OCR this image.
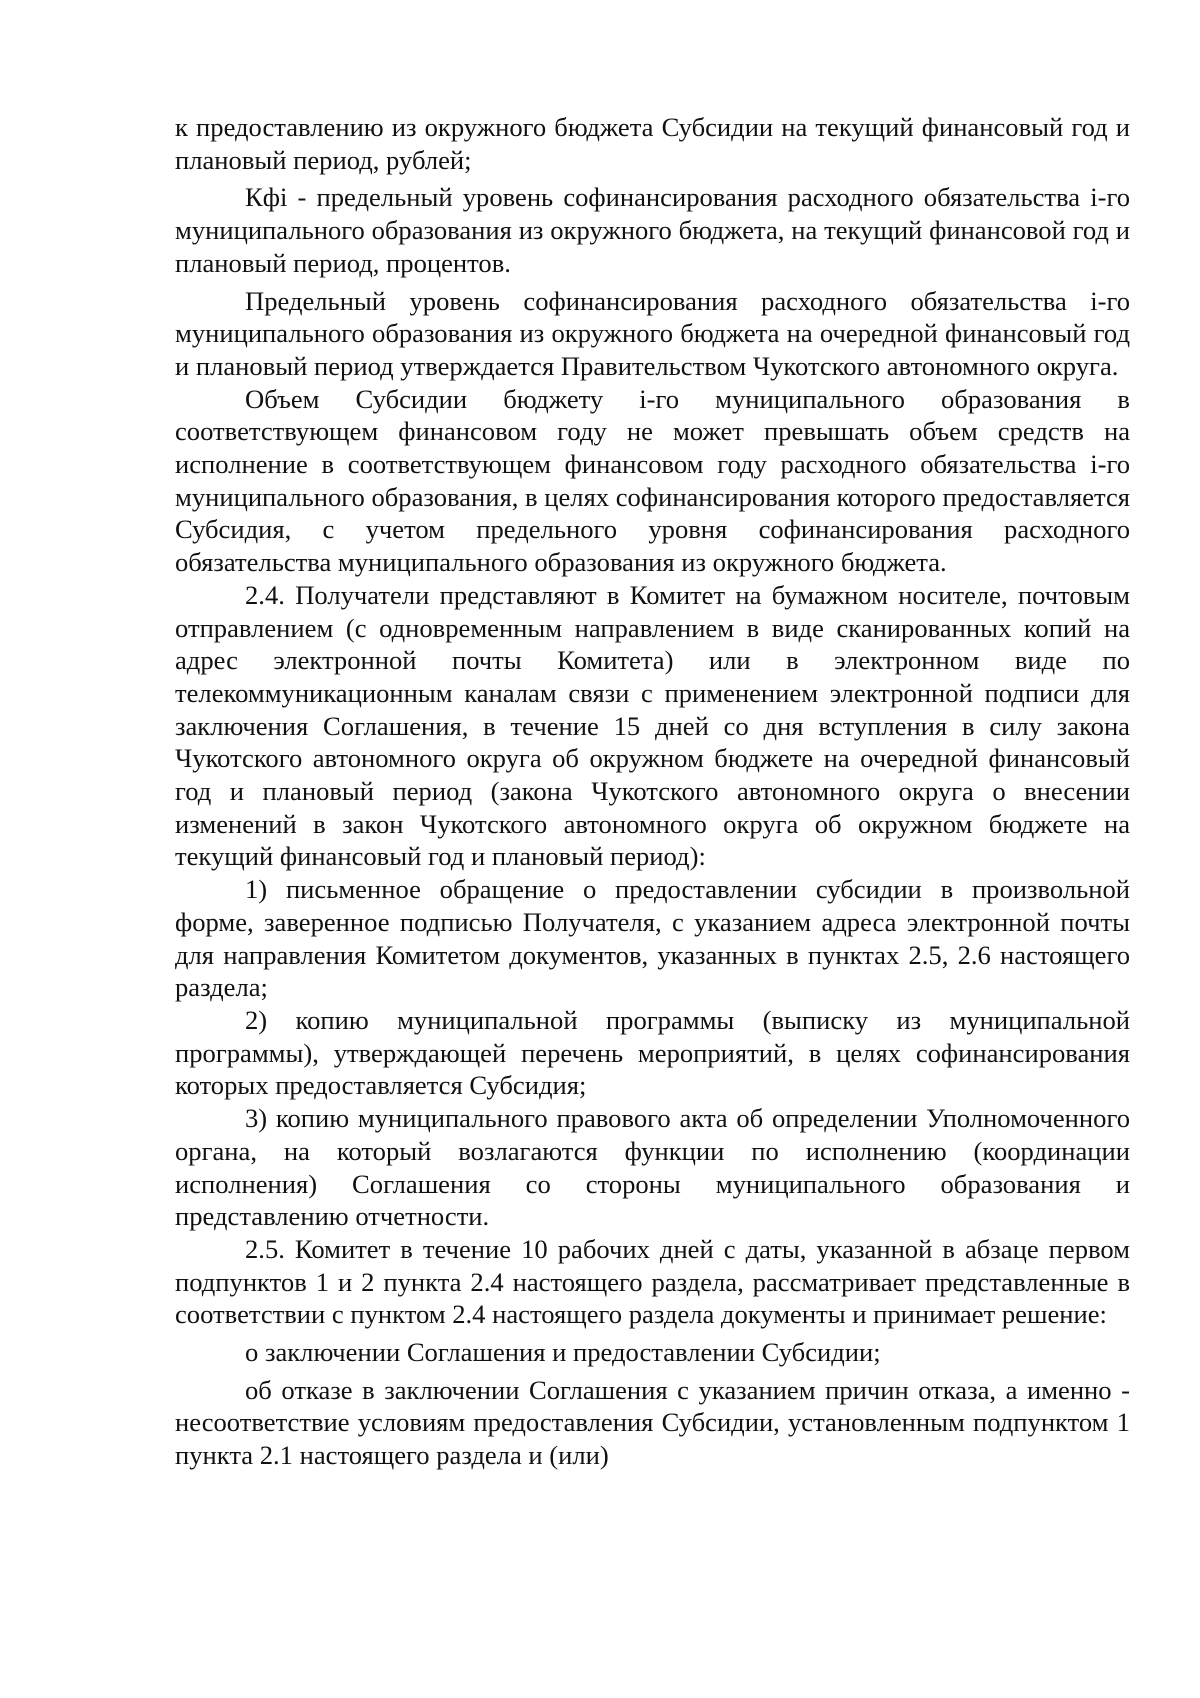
к предоставлению из окружного бюджета Субсидии на текущий финансовый год и плановый период, рублей;

Кфi - предельный уровень софинансирования расходного обязательства i-го муниципального образования из окружного бюджета, на текущий финансовой год и плановый период, процентов.

Предельный уровень софинансирования расходного обязательства i-го муниципального образования из окружного бюджета на очередной финансовый год и плановый период утверждается Правительством Чукотского автономного округа.

Объем Субсидии бюджету i-го муниципального образования в соответствующем финансовом году не может превышать объем средств на исполнение в соответствующем финансовом году расходного обязательства i-го муниципального образования, в целях софинансирования которого предоставляется Субсидия, с учетом предельного уровня софинансирования расходного обязательства муниципального образования из окружного бюджета.

2.4. Получатели представляют в Комитет на бумажном носителе, почтовым отправлением (с одновременным направлением в виде сканированных копий на адрес электронной почты Комитета) или в электронном виде по телекоммуникационным каналам связи с применением электронной подписи для заключения Соглашения, в течение 15 дней со дня вступления в силу закона Чукотского автономного округа об окружном бюджете на очередной финансовый год и плановый период (закона Чукотского автономного округа о внесении изменений в закон Чукотского автономного округа об окружном бюджете на текущий финансовый год и плановый период):

1) письменное обращение о предоставлении субсидии в произвольной форме, заверенное подписью Получателя, с указанием адреса электронной почты для направления Комитетом документов, указанных в пунктах 2.5, 2.6 настоящего раздела;

2) копию муниципальной программы (выписку из муниципальной программы), утверждающей перечень мероприятий, в целях софинансирования которых предоставляется Субсидия;

3) копию муниципального правового акта об определении Уполномоченного органа, на который возлагаются функции по исполнению (координации исполнения) Соглашения со стороны муниципального образования и представлению отчетности.

2.5. Комитет в течение 10 рабочих дней с даты, указанной в абзаце первом подпунктов 1 и 2 пункта 2.4 настоящего раздела, рассматривает представленные в соответствии с пунктом 2.4 настоящего раздела документы и принимает решение:

о заключении Соглашения и предоставлении Субсидии;

об отказе в заключении Соглашения с указанием причин отказа, а именно - несоответствие условиям предоставления Субсидии, установленным подпунктом 1 пункта 2.1 настоящего раздела и (или)
